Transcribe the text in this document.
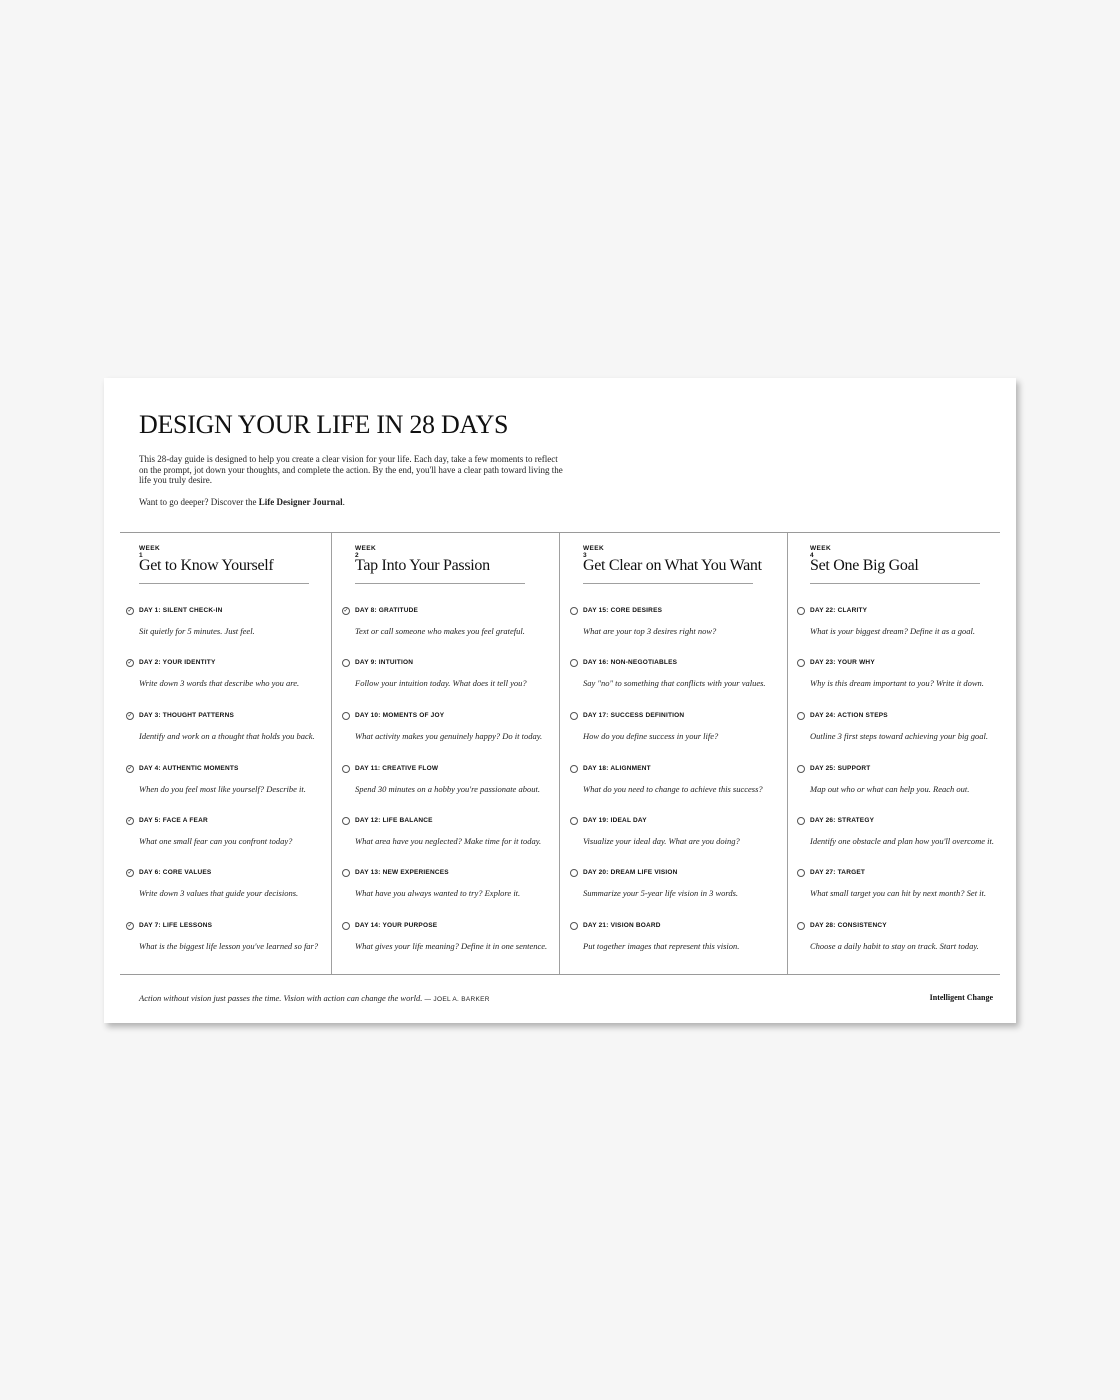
DESIGN YOUR LIFE IN 28 DAYS
This 28-day guide is designed to help you create a clear vision for your life. Each day, take a few moments to reflect on the prompt, jot down your thoughts, and complete the action. By the end, you'll have a clear path toward living the life you truly desire.
Want to go deeper? Discover the Life Designer Journal.
WEEK 1
Get to Know Yourself
✓ DAY 1: SILENT CHECK-IN
Sit quietly for 5 minutes. Just feel.
✓ DAY 2: YOUR IDENTITY
Write down 3 words that describe who you are.
✓ DAY 3: THOUGHT PATTERNS
Identify and work on a thought that holds you back.
✓ DAY 4: AUTHENTIC MOMENTS
When do you feel most like yourself? Describe it.
✓ DAY 5: FACE A FEAR
What one small fear can you confront today?
✓ DAY 6: CORE VALUES
Write down 3 values that guide your decisions.
✓ DAY 7: LIFE LESSONS
What is the biggest life lesson you've learned so far?
WEEK 2
Tap Into Your Passion
✓ DAY 8: GRATITUDE
Text or call someone who makes you feel grateful.
DAY 9: INTUITION
Follow your intuition today. What does it tell you?
DAY 10: MOMENTS OF JOY
What activity makes you genuinely happy? Do it today.
DAY 11: CREATIVE FLOW
Spend 30 minutes on a hobby you're passionate about.
DAY 12: LIFE BALANCE
What area have you neglected? Make time for it today.
DAY 13: NEW EXPERIENCES
What have you always wanted to try? Explore it.
DAY 14: YOUR PURPOSE
What gives your life meaning? Define it in one sentence.
WEEK 3
Get Clear on What You Want
DAY 15: CORE DESIRES
What are your top 3 desires right now?
DAY 16: NON-NEGOTIABLES
Say "no" to something that conflicts with your values.
DAY 17: SUCCESS DEFINITION
How do you define success in your life?
DAY 18: ALIGNMENT
What do you need to change to achieve this success?
DAY 19: IDEAL DAY
Visualize your ideal day. What are you doing?
DAY 20: DREAM LIFE VISION
Summarize your 5-year life vision in 3 words.
DAY 21: VISION BOARD
Put together images that represent this vision.
WEEK 4
Set One Big Goal
DAY 22: CLARITY
What is your biggest dream? Define it as a goal.
DAY 23: YOUR WHY
Why is this dream important to you? Write it down.
DAY 24: ACTION STEPS
Outline 3 first steps toward achieving your big goal.
DAY 25: SUPPORT
Map out who or what can help you. Reach out.
DAY 26: STRATEGY
Identify one obstacle and plan how you'll overcome it.
DAY 27: TARGET
What small target you can hit by next month? Set it.
DAY 28: CONSISTENCY
Choose a daily habit to stay on track. Start today.
Action without vision just passes the time. Vision with action can change the world. — JOEL A. BARKER	Intelligent Change
